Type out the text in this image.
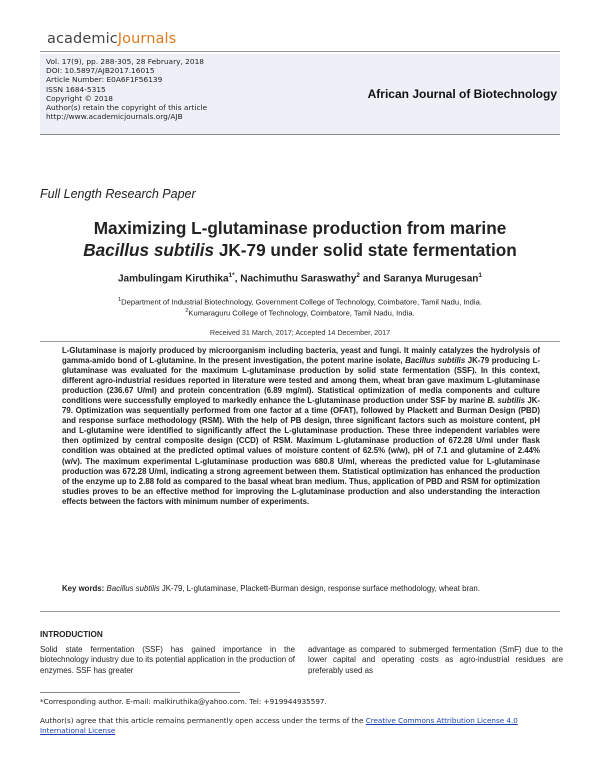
academicJournals
Vol. 17(9), pp. 288-305, 28 February, 2018
DOI: 10.5897/AJB2017.16015
Article Number: E0A6F1F56139
ISSN 1684-5315
Copyright © 2018
Author(s) retain the copyright of this article
http://www.academicjournals.org/AJB
African Journal of Biotechnology
Full Length Research Paper
Maximizing L-glutaminase production from marine
Bacillus subtilis JK-79 under solid state fermentation
Jambulingam Kiruthika$^{1*}$, Nachimuthu Saraswathy$^2$ and Saranya Murugesan$^1$
$^1$Department of Industrial Biotechnology, Government College of Technology, Coimbatore, Tamil Nadu, India.
$^2$Kumaraguru College of Technology, Coimbatore, Tamil Nadu, India.
Received 31 March, 2017; Accepted 14 December, 2017
L-Glutaminase is majorly produced by microorganism including bacteria, yeast and fungi. It mainly catalyzes the hydrolysis of gamma-amido bond of L-glutamine. In the present investigation, the potent marine isolate, Bacillus subtilis JK-79 producing L-glutaminase was evaluated for the maximum L-glutaminase production by solid state fermentation (SSF). In this context, different agro-industrial residues reported in literature were tested and among them, wheat bran gave maximum L-glutaminase production (236.67 U/ml) and protein concentration (6.89 mg/ml). Statistical optimization of media components and culture conditions were successfully employed to markedly enhance the L-glutaminase production under SSF by marine B. subtilis JK-79. Optimization was sequentially performed from one factor at a time (OFAT), followed by Plackett and Burman Design (PBD) and response surface methodology (RSM). With the help of PB design, three significant factors such as moisture content, pH and L-glutamine were identified to significantly affect the L-glutaminase production. These three independent variables were then optimized by central composite design (CCD) of RSM. Maximum L-glutaminase production of 672.28 U/ml under flask condition was obtained at the predicted optimal values of moisture content of 62.5% (w/w), pH of 7.1 and glutamine of 2.44% (w/v). The maximum experimental L-glutaminase production was 680.8 U/ml, whereas the predicted value for L-glutaminase production was 672.28 U/ml, indicating a strong agreement between them. Statistical optimization has enhanced the production of the enzyme up to 2.88 fold as compared to the basal wheat bran medium. Thus, application of PBD and RSM for optimization studies proves to be an effective method for improving the L-glutaminase production and also understanding the interaction effects between the factors with minimum number of experiments.
Key words: Bacillus subtilis JK-79, L-glutaminase, Plackett-Burman design, response surface methodology, wheat bran.
INTRODUCTION
Solid state fermentation (SSF) has gained importance in the biotechnology industry due to its potential application in the production of enzymes. SSF has greater
advantage as compared to submerged fermentation (SmF) due to the lower capital and operating costs as agro-industrial residues are preferably used as
*Corresponding author. E-mail: malkiruthika@yahoo.com. Tel: +919944935597.
Author(s) agree that this article remains permanently open access under the terms of the Creative Commons Attribution License 4.0 International License
